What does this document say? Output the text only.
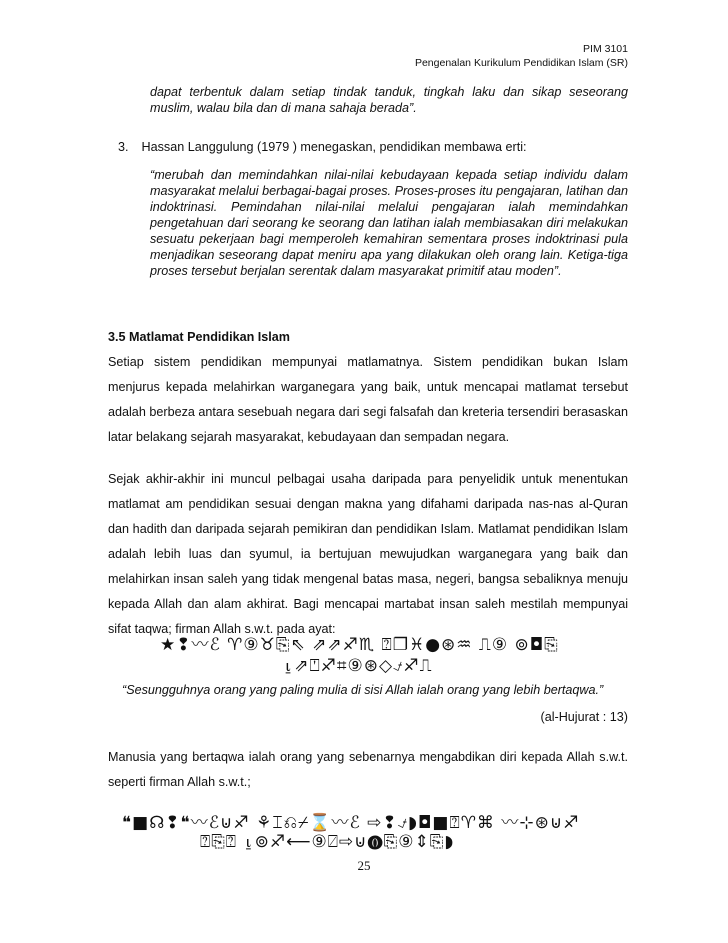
PIM 3101
Pengenalan Kurikulum Pendidikan Islam (SR)

dapat terbentuk dalam setiap tindak tanduk, tingkah laku dan sikap seseorang muslim, walau bila dan di mana sahaja berada”.

3. Hassan Langgulung (1979 ) menegaskan, pendidikan membawa erti:

“merubah dan memindahkan nilai-nilai kebudayaan kepada setiap individu dalam masyarakat melalui berbagai-bagai proses. Proses-proses itu pengajaran, latihan dan indoktrinasi. Pemindahan nilai-nilai melalui pengajaran ialah memindahkan pengetahuan dari seorang ke seorang dan latihan ialah membiasakan diri melakukan sesuatu pekerjaan bagi memperoleh kemahiran sementara proses indoktrinasi pula menjadikan seseorang dapat meniru apa yang dilakukan oleh orang lain. Ketiga-tiga proses tersebut berjalan serentak dalam masyarakat primitif atau moden”.

3.5 Matlamat Pendidikan Islam

Setiap sistem pendidikan mempunyai matlamatnya. Sistem pendidikan bukan Islam menjurus kepada melahirkan warganegara yang baik, untuk mencapai matlamat tersebut adalah berbeza antara sesebuah negara dari segi falsafah dan kreteria tersendiri berasaskan latar belakang sejarah masyarakat, kebudayaan dan sempadan negara.

Sejak akhir-akhir ini muncul pelbagai usaha daripada para penyelidik untuk menentukan matlamat am pendidikan sesuai dengan makna yang difahami daripada nas-nas al-Quran dan hadith dan daripada sejarah pemikiran dan pendidikan Islam. Matlamat pendidikan Islam adalah lebih luas dan syumul, ia bertujuan mewujudkan warganegara yang baik dan melahirkan insan saleh yang tidak mengenal batas masa, negeri, bangsa sebaliknya menuju kepada Allah dan alam akhirat. Bagi mencapai martabat insan saleh mestilah mempunyai sifat taqwa; firman Allah s.w.t. pada ayat:

★❢〰ℰ ♈⑨♉⎘⇖ ⇗⇗♐♏ ⍰❐♓●⊛♒ ⎍⑨ ⊚◘⎘
⍸⇗⍞♐⌗⑨⊛◇⍻♐⎍
“Sesungguhnya orang yang paling mulia di sisi Allah ialah orang yang lebih bertaqwa.”
(al-Hujurat : 13)

Manusia yang bertaqwa ialah orang yang sebenarnya mengabdikan diri kepada Allah s.w.t. seperti firman Allah s.w.t.;

❝■☊❢❝〰ℰ⊍♐ ⚘⌶⎌⌿⌛〰ℰ ⇨❢⍻◗◘■⍰♈⌘ 〰⊹⊛⊍♐
⍰⎘⍰ ⍸⊚♐⟵⑨⍁⇨⊍⓿⎘⑨⇕⎘◗
25
